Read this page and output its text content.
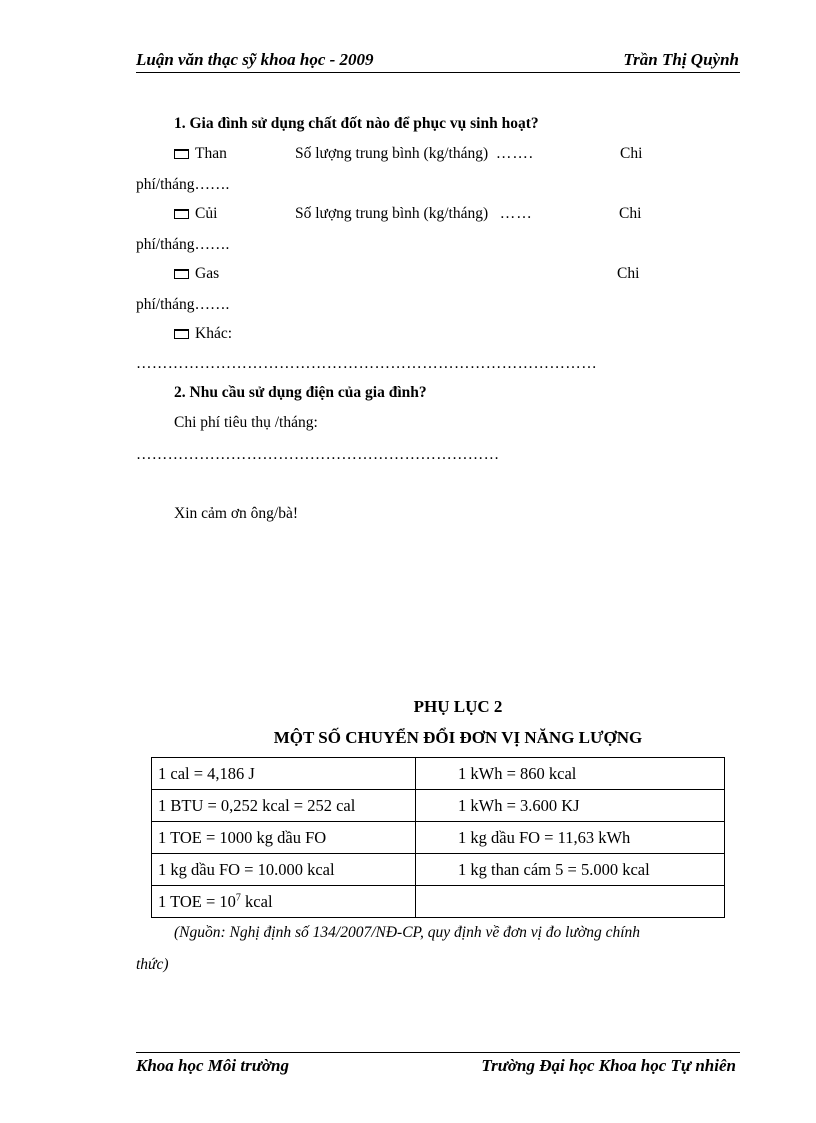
Luận văn thạc sỹ khoa học - 2009	Trần Thị Quỳnh
1. Gia đình sử dụng chất đốt nào để phục vụ sinh hoạt?
Than	Số lượng trung bình (kg/tháng) …….	Chi
phí/tháng…….
Củi	Số lượng trung bình (kg/tháng) ……	Chi
phí/tháng…….
Gas	Chi
phí/tháng…….
Khác:
……………………………………………………………………………
2. Nhu cầu sử dụng điện của gia đình?
Chi phí tiêu thụ /tháng:
……………………………………………………………
Xin cảm ơn ông/bà!
PHỤ LỤC 2
MỘT SỐ CHUYỂN ĐỔI ĐƠN VỊ NĂNG LƯỢNG
1 cal = 4,186 J	1 kWh = 860 kcal
1 BTU = 0,252 kcal = 252 cal	1 kWh = 3.600 KJ
1 TOE = 1000 kg dầu FO	1 kg dầu FO = 11,63 kWh
1 kg dầu FO = 10.000 kcal	1 kg than cám 5 = 5.000 kcal
1 TOE = $10^7$ kcal	
(Nguồn: Nghị định số 134/2007/NĐ-CP, quy định về đơn vị đo lường chính
thức)
Khoa học Môi trường	Trường Đại học Khoa học Tự nhiên
